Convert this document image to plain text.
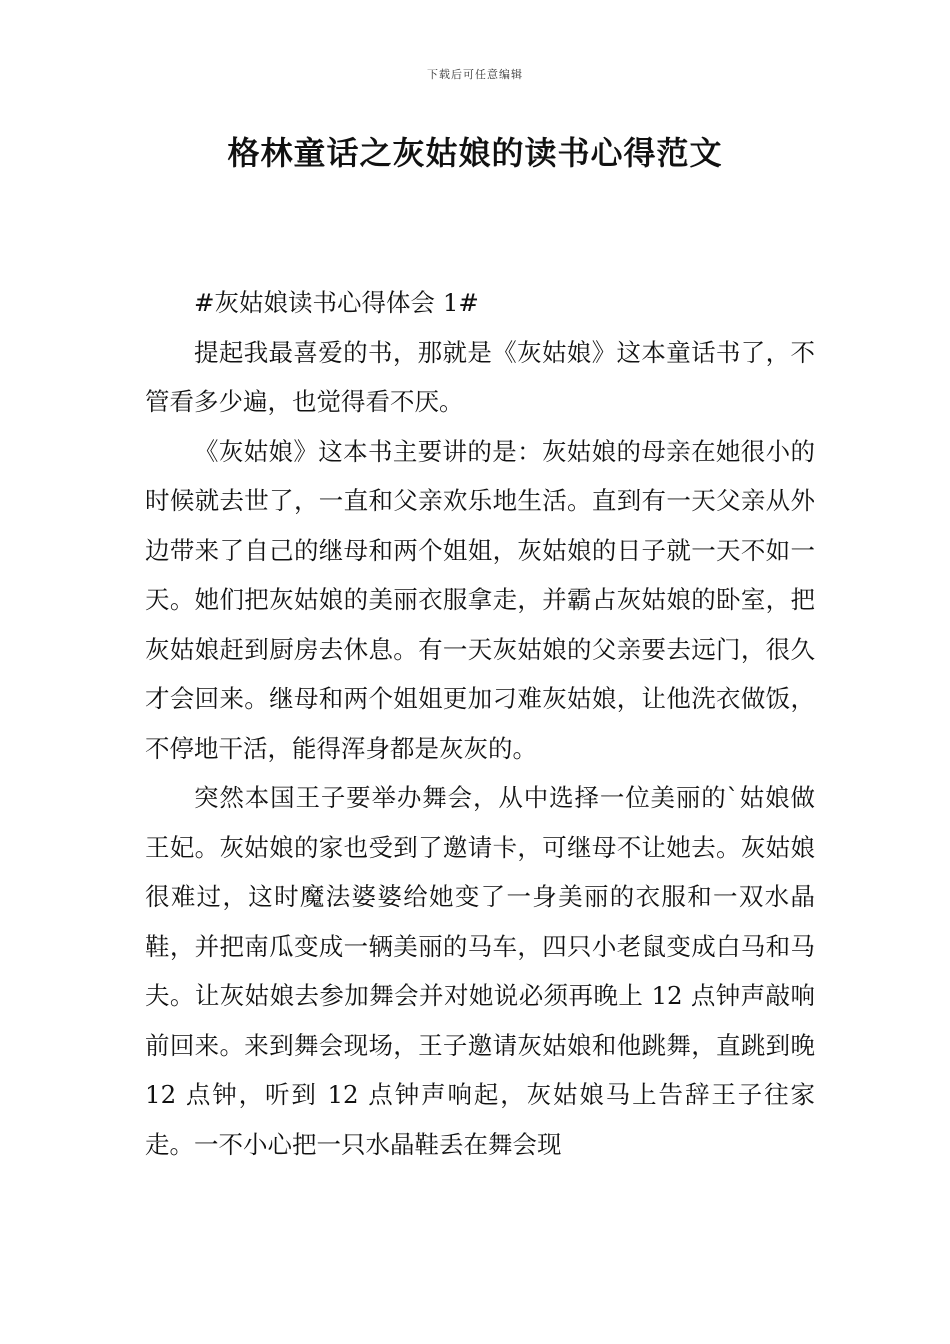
下载后可任意编辑
格林童话之灰姑娘的读书心得范文

#灰姑娘读书心得体会 1#

提起我最喜爱的书，那就是《灰姑娘》这本童话书了，不管看多少遍，也觉得看不厌。

《灰姑娘》这本书主要讲的是：灰姑娘的母亲在她很小的时候就去世了，一直和父亲欢乐地生活。直到有一天父亲从外边带来了自己的继母和两个姐姐，灰姑娘的日子就一天不如一天。她们把灰姑娘的美丽衣服拿走，并霸占灰姑娘的卧室，把灰姑娘赶到厨房去休息。有一天灰姑娘的父亲要去远门，很久才会回来。继母和两个姐姐更加刁难灰姑娘，让他洗衣做饭，不停地干活，能得浑身都是灰灰的。

突然本国王子要举办舞会，从中选择一位美丽的`姑娘做王妃。灰姑娘的家也受到了邀请卡，可继母不让她去。灰姑娘很难过，这时魔法婆婆给她变了一身美丽的衣服和一双水晶鞋，并把南瓜变成一辆美丽的马车，四只小老鼠变成白马和马夫。让灰姑娘去参加舞会并对她说必须再晚上 12 点钟声敲响前回来。来到舞会现场，王子邀请灰姑娘和他跳舞，直跳到晚 12 点钟，听到 12 点钟声响起，灰姑娘马上告辞王子往家走。一不小心把一只水晶鞋丢在舞会现
